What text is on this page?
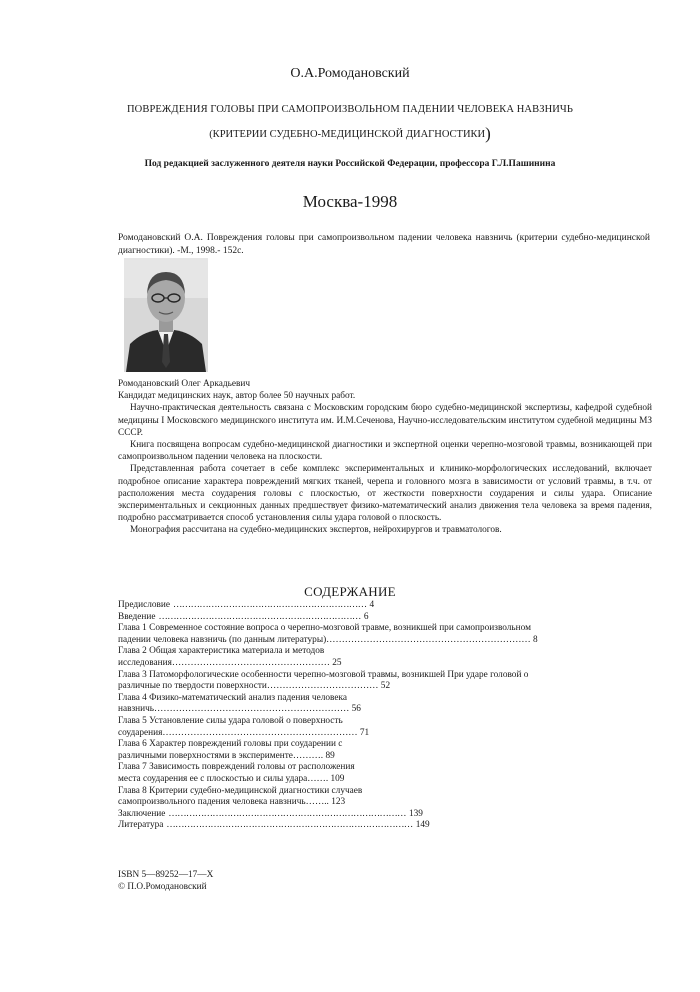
О.А.Ромодановский
ПОВРЕЖДЕНИЯ ГОЛОВЫ ПРИ САМОПРОИЗВОЛЬНОМ ПАДЕНИИ ЧЕЛОВЕКА НАВЗНИЧЬ
(КРИТЕРИИ СУДЕБНО-МЕДИЦИНСКОЙ ДИАГНОСТИКИ)
Под редакцией заслуженного деятеля науки Российской Федерации, профессора Г.Л.Пашинина
Москва-1998
Ромодановский О.А. Повреждения головы при самопроизвольном падении человека навзничь (критерии судебно-медицинской диагностики). -М., 1998.- 152с.

Ромодановский Олег Аркадьевич

Кандидат медицинских наук, автор более 50 научных работ.

Научно-практическая деятельность связана с Московским городским бюро судебно-медицинской экспертизы, кафедрой судебной медицины I Московского медицинского института им. И.М.Сеченова, Научно-исследовательским институтом судебной медицины МЗ СССР.

Книга посвящена вопросам судебно-медицинской диагностики и экспертной оценки черепно-мозговой травмы, возникающей при самопроизвольном падении человека на плоскости.

Представленная работа сочетает в себе комплекс экспериментальных и клинико-морфологических исследований, включает подробное описание характера повреждений мягких тканей, черепа и головного мозга в зависимости от условий травмы, в т.ч. от расположения места соударения головы с плоскостью, от жесткости поверхности соударения и силы удара. Описание экспериментальных и секционных данных предшествует физико-математический анализ движения тела человека за время падения, подробно рассматривается способ установления силы удара головой о плоскость.

Монография рассчитана на судебно-медицинских экспертов, нейрохирургов и травматологов.

СОДЕРЖАНИЕ
Предисловие ………………………………………………………… 4
Введение …………………………………………………………… 6
Глава 1 Современное состояние вопроса о черепно-мозговой травме, возникшей при самопроизвольном
падении человека навзничь (по данным литературы)………………………………………………………… 8
Глава 2 Общая характеристика материала и методов
исследования…………………………………………… 25
Глава 3 Патоморфологические особенности черепно-мозговой травмы, возникшей При ударе головой о
различные по твердости поверхности……………………………… 52
Глава 4 Физико-математический анализ падения человека
навзничь……………………………………………………… 56
Глава 5 Установление силы удара головой о поверхность
соударения……………………………………………………… 71
Глава 6 Характер повреждений головы при соударении с
различными поверхностями в эксперименте………. 89
Глава 7 Зависимость повреждений головы от расположения
места соударения ее с плоскостью и силы удара……. 109
Глава 8 Критерии судебно-медицинской диагностики случаев
самопроизвольного падения человека навзничь…….. 123
Заключение ……………………………………………………………………… 139
Литература ………………………………………………………………………… 149
ISBN 5—89252—17—X
© П.О.Ромодановский
